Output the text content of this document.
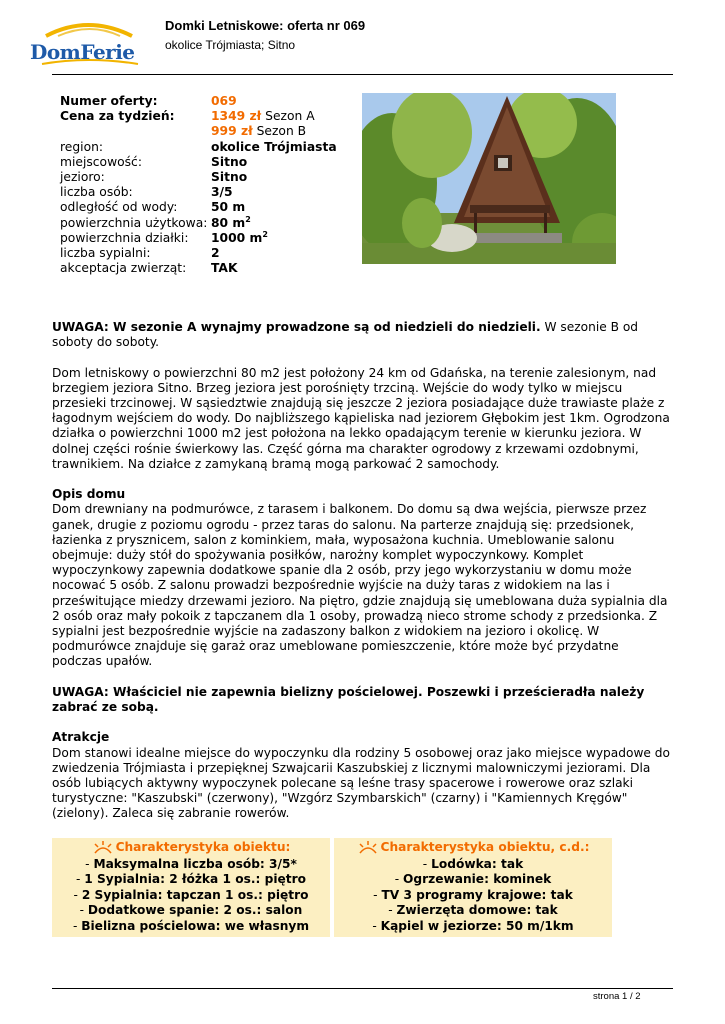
DomFerie
Domki Letniskowe: oferta nr 069
okolice Trójmiasta; Sitno
Numer oferty:	069
Cena za tydzień:	1349 zł Sezon A
999 zł Sezon B
region:	okolice Trójmiasta
miejscowość:	Sitno
jezioro:	Sitno
liczba osób:	3/5
odległość od wody:	50 m
powierzchnia użytkowa: 80 $m^2$
powierzchnia działki:	1000 $m^2$
liczba sypialni:	2
akceptacja zwierząt:	TAK

UWAGA: W sezonie A wynajmy prowadzone są od niedzieli do niedzieli. W sezonie B od soboty do soboty.

Dom letniskowy o powierzchni 80 m2 jest położony 24 km od Gdańska, na terenie zalesionym, nad brzegiem jeziora Sitno. Brzeg jeziora jest porośnięty trzciną. Wejście do wody tylko w miejscu przesieki trzcinowej. W sąsiedztwie znajdują się jeszcze 2 jeziora posiadające duże trawiaste plaże z łagodnym wejściem do wody. Do najbliższego kąpieliska nad jeziorem Głębokim jest 1km. Ogrodzona działka o powierzchni 1000 m2 jest położona na lekko opadającym terenie w kierunku jeziora. W dolnej części rośnie świerkowy las. Część górna ma charakter ogrodowy z krzewami ozdobnymi, trawnikiem. Na działce z zamykaną bramą mogą parkować 2 samochody.

Opis domu

Dom drewniany na podmurówce, z tarasem i balkonem. Do domu są dwa wejścia, pierwsze przez ganek, drugie z poziomu ogrodu - przez taras do salonu. Na parterze znajdują się: przedsionek, łazienka z prysznicem, salon z kominkiem, mała, wyposażona kuchnia. Umeblowanie salonu obejmuje: duży stół do spożywania posiłków, narożny komplet wypoczynkowy. Komplet wypoczynkowy zapewnia dodatkowe spanie dla 2 osób, przy jego wykorzystaniu w domu może nocować 5 osób. Z salonu prowadzi bezpośrednie wyjście na duży taras z widokiem na las i prześwitujące miedzy drzewami jezioro. Na piętro, gdzie znajdują się umeblowana duża sypialnia dla 2 osób oraz mały pokoik z tapczanem dla 1 osoby, prowadzą nieco strome schody z przedsionka. Z sypialni jest bezpośrednie wyjście na zadaszony balkon z widokiem na jezioro i okolicę. W podmurówce znajduje się garaż oraz umeblowane pomieszczenie, które może być przydatne podczas upałów.

UWAGA: Właściciel nie zapewnia bielizny pościelowej. Poszewki i prześcieradła należy zabrać ze sobą.

Atrakcje

Dom stanowi idealne miejsce do wypoczynku dla rodziny 5 osobowej oraz jako miejsce wypadowe do zwiedzenia Trójmiasta i przepięknej Szwajcarii Kaszubskiej z licznymi malowniczymi jeziorami. Dla osób lubiących aktywny wypoczynek polecane są leśne trasy spacerowe i rowerowe oraz szlaki turystyczne: "Kaszubski" (czerwony), "Wzgórz Szymbarskich" (czarny) i "Kamiennych Kręgów" (zielony). Zaleca się zabranie rowerów.

Charakterystyka obiektu:
- Maksymalna liczba osób: 3/5*
- 1 Sypialnia: 2 łóżka 1 os.: piętro
- 2 Sypialnia: tapczan 1 os.: piętro
- Dodatkowe spanie: 2 os.: salon
- Bielizna pościelowa: we własnym
Charakterystyka obiektu, c.d.:
- Lodówka: tak
- Ogrzewanie: kominek
- TV 3 programy krajowe: tak
- Zwierzęta domowe: tak
- Kąpiel w jeziorze: 50 m/1km
strona 1 / 2
